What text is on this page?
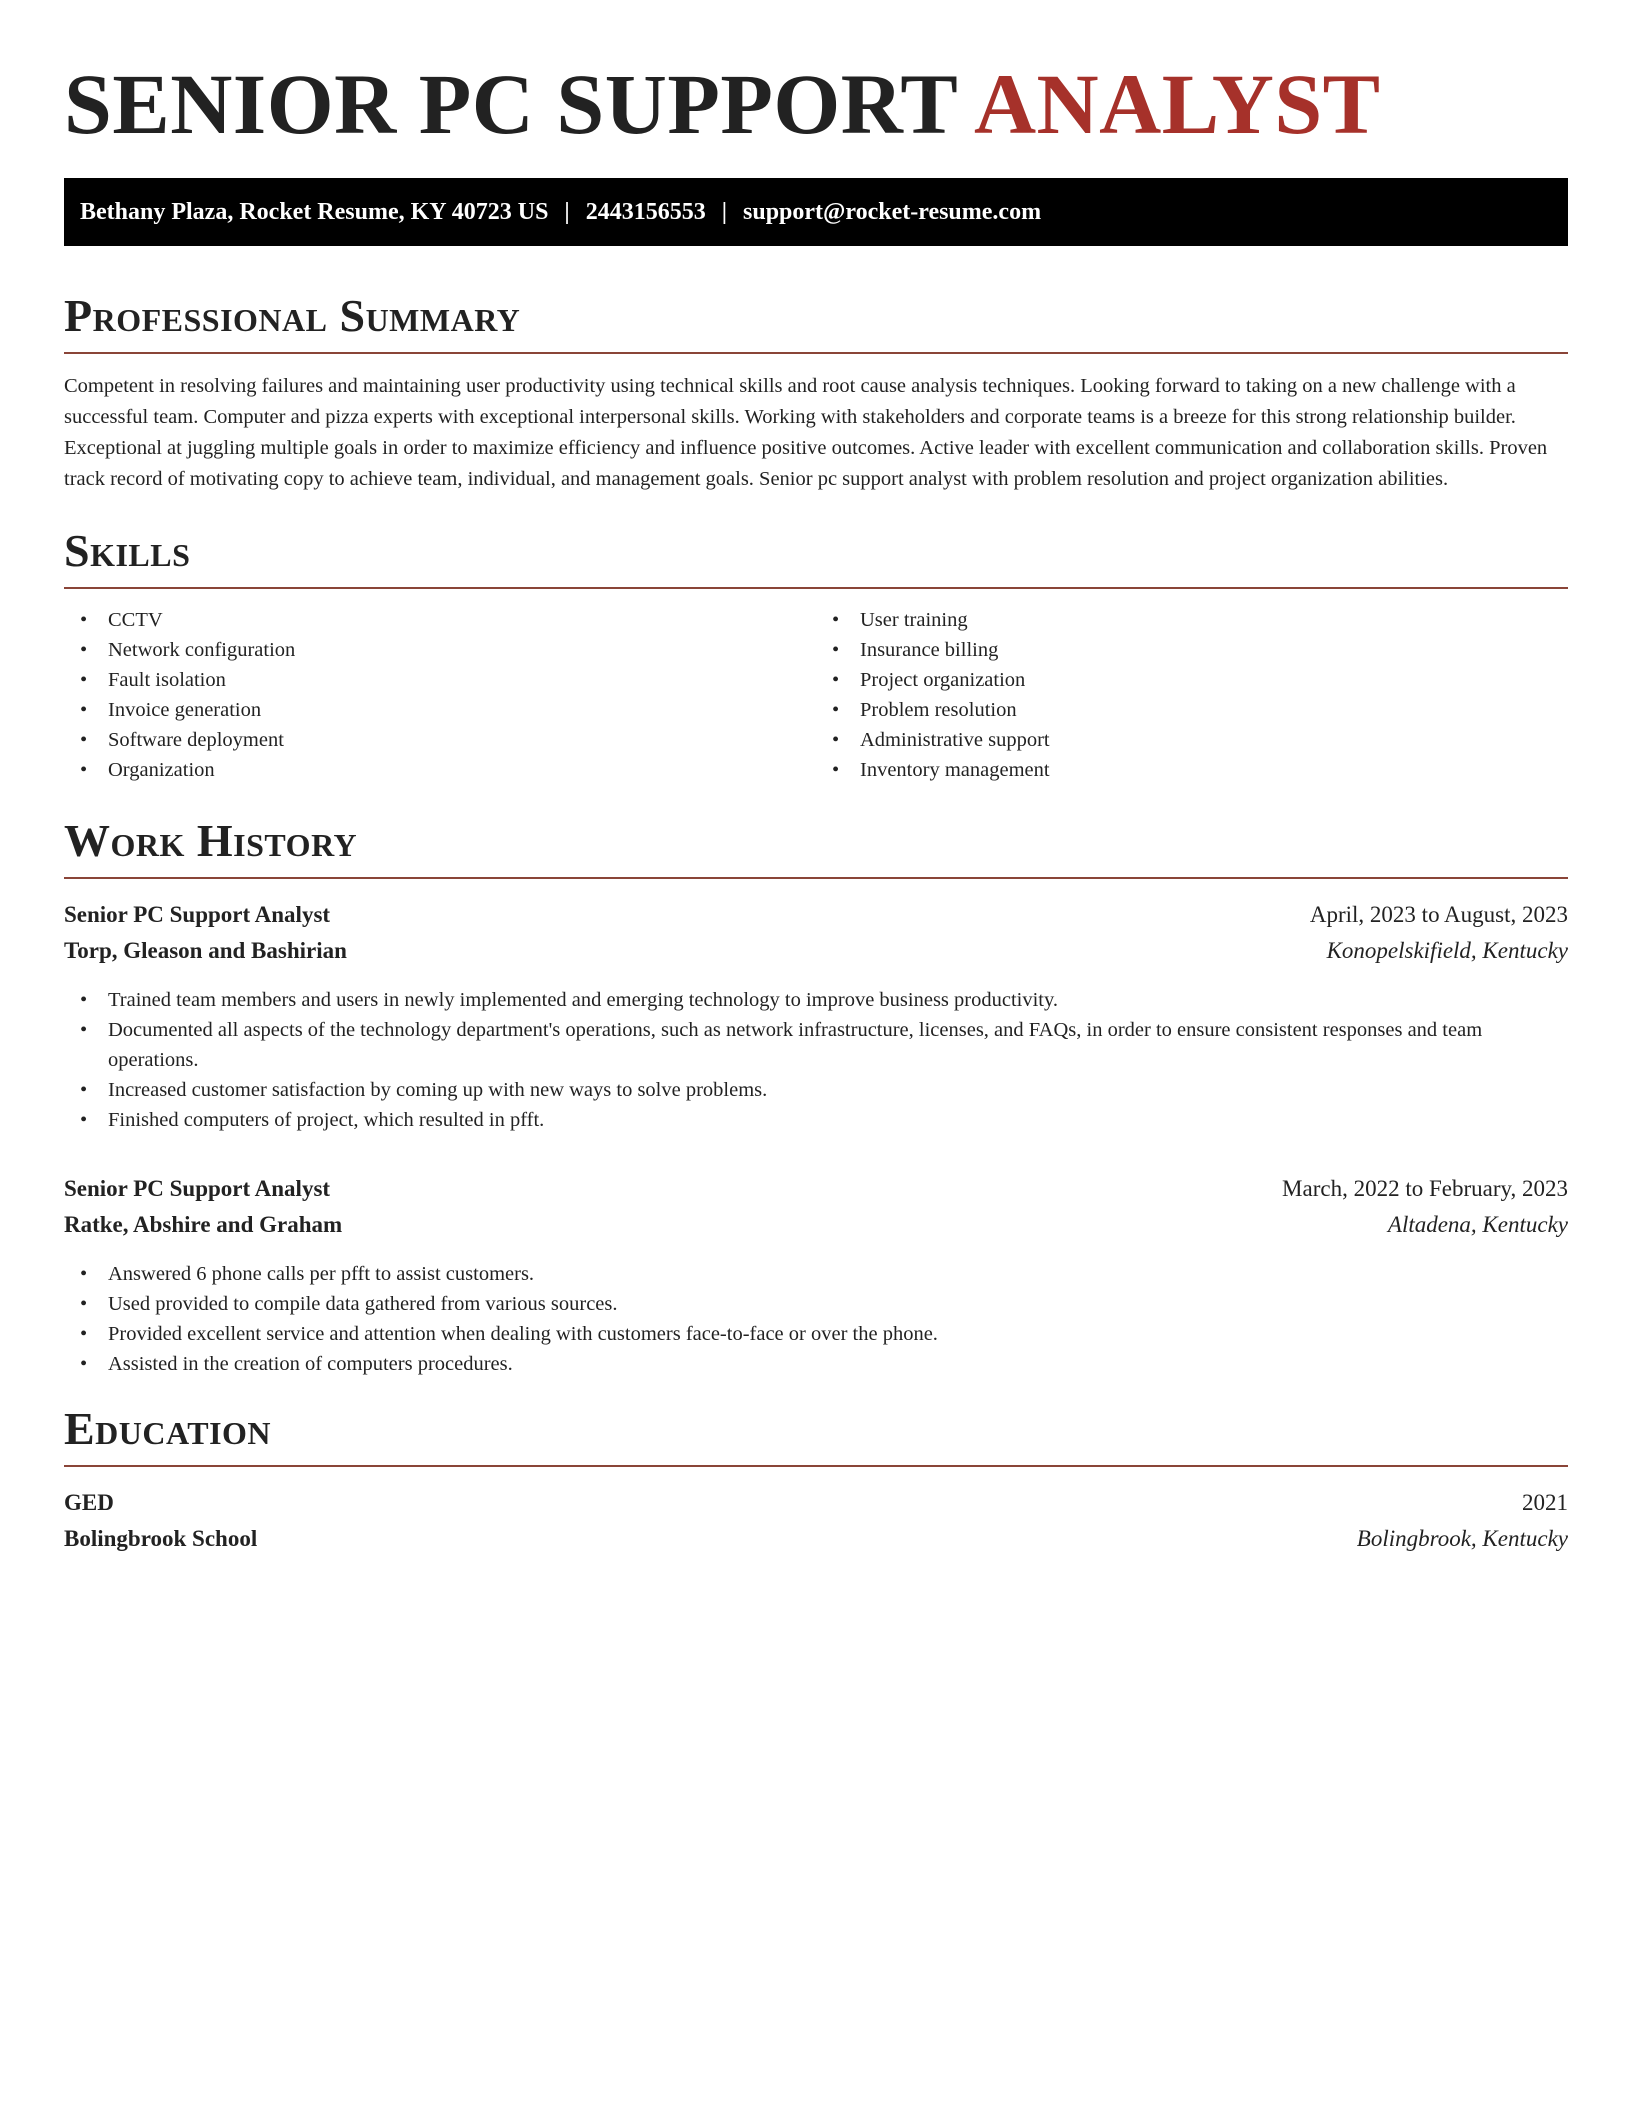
SENIOR PC SUPPORT ANALYST
Bethany Plaza, Rocket Resume, KY 40723 US | 2443156553 | support@rocket-resume.com
Professional Summary

Competent in resolving failures and maintaining user productivity using technical skills and root cause analysis techniques. Looking forward to taking on a new challenge with a successful team. Computer and pizza experts with exceptional interpersonal skills. Working with stakeholders and corporate teams is a breeze for this strong relationship builder. Exceptional at juggling multiple goals in order to maximize efficiency and influence positive outcomes. Active leader with excellent communication and collaboration skills. Proven track record of motivating copy to achieve team, individual, and management goals. Senior pc support analyst with problem resolution and project organization abilities.

Skills
• CCTV
• Network configuration
• Fault isolation
• Invoice generation
• Software deployment
• Organization
• User training
• Insurance billing
• Project organization
• Problem resolution
• Administrative support
• Inventory management
Work History
Senior PC Support Analyst	April, 2023 to August, 2023
Torp, Gleason and Bashirian	Konopelskifield, Kentucky
• Trained team members and users in newly implemented and emerging technology to improve business productivity.
• Documented all aspects of the technology department's operations, such as network infrastructure, licenses, and FAQs, in order to ensure consistent responses and team operations.
• Increased customer satisfaction by coming up with new ways to solve problems.
• Finished computers of project, which resulted in pfft.
Senior PC Support Analyst	March, 2022 to February, 2023
Ratke, Abshire and Graham	Altadena, Kentucky
• Answered 6 phone calls per pfft to assist customers.
• Used provided to compile data gathered from various sources.
• Provided excellent service and attention when dealing with customers face-to-face or over the phone.
• Assisted in the creation of computers procedures.
Education
GED	2021
Bolingbrook School	Bolingbrook, Kentucky
